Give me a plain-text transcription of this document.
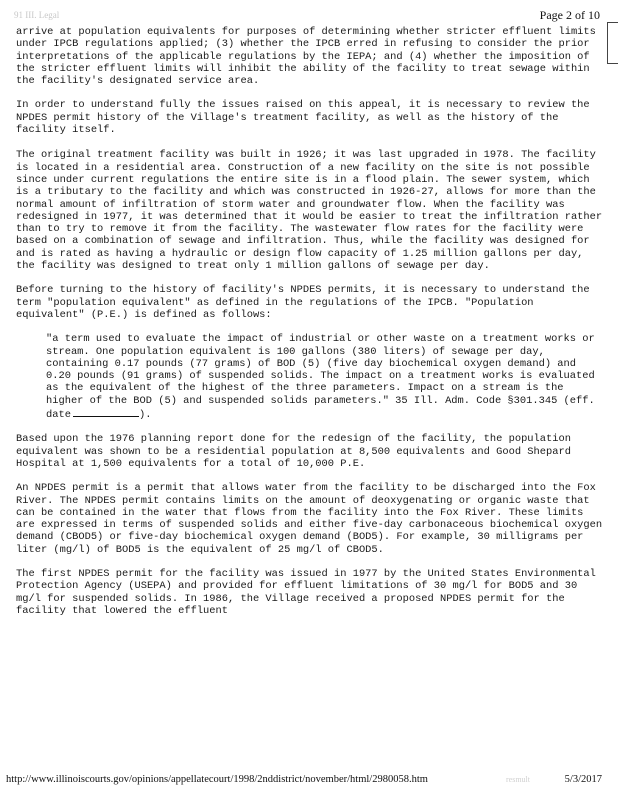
91 III. Legal	Page 2 of 10

arrive at population equivalents for purposes of determining whether stricter effluent limits under IPCB regulations applied; (3) whether the IPCB erred in refusing to consider the prior interpretations of the applicable regulations by the IEPA; and (4) whether the imposition of the stricter effluent limits will inhibit the ability of the facility to treat sewage within the facility's designated service area.

In order to understand fully the issues raised on this appeal, it is necessary to review the NPDES permit history of the Village's treatment facility, as well as the history of the facility itself.

The original treatment facility was built in 1926; it was last upgraded in 1978. The facility is located in a residential area. Construction of a new facility on the site is not possible since under current regulations the entire site is in a flood plain. The sewer system, which is a tributary to the facility and which was constructed in 1926-27, allows for more than the normal amount of infiltration of storm water and groundwater flow. When the facility was redesigned in 1977, it was determined that it would be easier to treat the infiltration rather than to try to remove it from the facility. The wastewater flow rates for the facility were based on a combination of sewage and infiltration. Thus, while the facility was designed for and is rated as having a hydraulic or design flow capacity of 1.25 million gallons per day, the facility was designed to treat only 1 million gallons of sewage per day.

Before turning to the history of facility's NPDES permits, it is necessary to understand the term "population equivalent" as defined in the regulations of the IPCB. "Population equivalent" (P.E.) is defined as follows:

"a term used to evaluate the impact of industrial or other waste on a treatment works or stream. One population equivalent is 100 gallons (380 liters) of sewage per day, containing 0.17 pounds (77 grams) of BOD (5) (five day biochemical oxygen demand) and 0.20 pounds (91 grams) of suspended solids. The impact on a treatment works is evaluated as the equivalent of the highest of the three parameters. Impact on a stream is the higher of the BOD (5) and suspended solids parameters." 35 Ill. Adm. Code §301.345 (eff. date	).

Based upon the 1976 planning report done for the redesign of the facility, the population equivalent was shown to be a residential population at 8,500 equivalents and Good Shepard Hospital at 1,500 equivalents for a total of 10,000 P.E.

An NPDES permit is a permit that allows water from the facility to be discharged into the Fox River. The NPDES permit contains limits on the amount of deoxygenating or organic waste that can be contained in the water that flows from the facility into the Fox River. These limits are expressed in terms of suspended solids and either five-day carbonaceous biochemical oxygen demand (CBOD5) or five-day biochemical oxygen demand (BOD5). For example, 30 milligrams per liter (mg/l) of BOD5 is the equivalent of 25 mg/l of CBOD5.

The first NPDES permit for the facility was issued in 1977 by the United States Environmental Protection Agency (USEPA) and provided for effluent limitations of 30 mg/l for BOD5 and 30 mg/l for suspended solids. In 1986, the Village received a proposed NPDES permit for the facility that lowered the effluent

http://www.illinoiscourts.gov/opinions/appellatecourt/1998/2nddistrict/november/html/2980058.htm	resmult	5/3/2017
